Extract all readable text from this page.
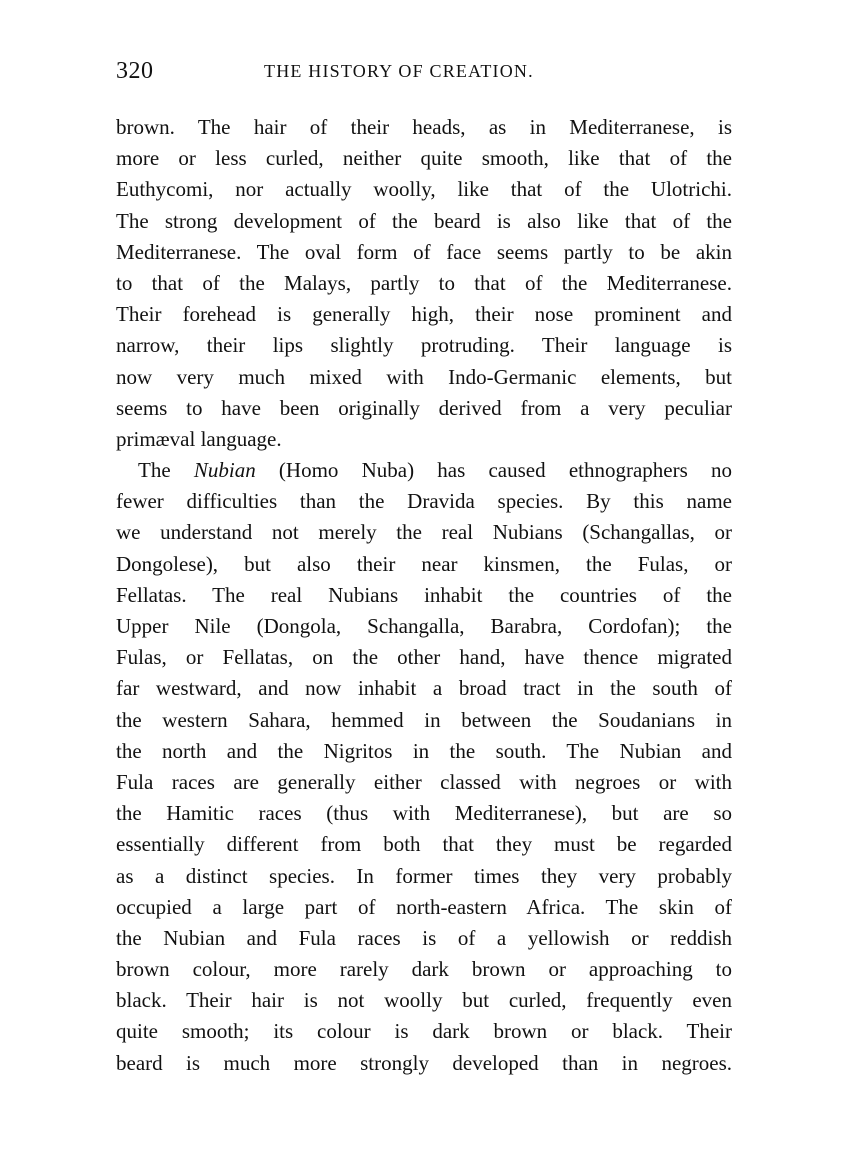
320	THE HISTORY OF CREATION.
brown. The hair of their heads, as in Mediterranese, is
more or less curled, neither quite smooth, like that of the
Euthycomi, nor actually woolly, like that of the Ulotrichi.
The strong development of the beard is also like that of the
Mediterranese. The oval form of face seems partly to be akin
to that of the Malays, partly to that of the Mediterranese.
Their forehead is generally high, their nose prominent and
narrow, their lips slightly protruding. Their language is
now very much mixed with Indo-Germanic elements, but
seems to have been originally derived from a very peculiar
primæval language.
The Nubian (Homo Nuba) has caused ethnographers no
fewer difficulties than the Dravida species. By this name
we understand not merely the real Nubians (Schangallas, or
Dongolese), but also their near kinsmen, the Fulas, or
Fellatas. The real Nubians inhabit the countries of the
Upper Nile (Dongola, Schangalla, Barabra, Cordofan); the
Fulas, or Fellatas, on the other hand, have thence migrated
far westward, and now inhabit a broad tract in the south of
the western Sahara, hemmed in between the Soudanians in
the north and the Nigritos in the south. The Nubian and
Fula races are generally either classed with negroes or with
the Hamitic races (thus with Mediterranese), but are so
essentially different from both that they must be regarded
as a distinct species. In former times they very probably
occupied a large part of north-eastern Africa. The skin of
the Nubian and Fula races is of a yellowish or reddish
brown colour, more rarely dark brown or approaching to
black. Their hair is not woolly but curled, frequently even
quite smooth; its colour is dark brown or black. Their
beard is much more strongly developed than in negroes.
